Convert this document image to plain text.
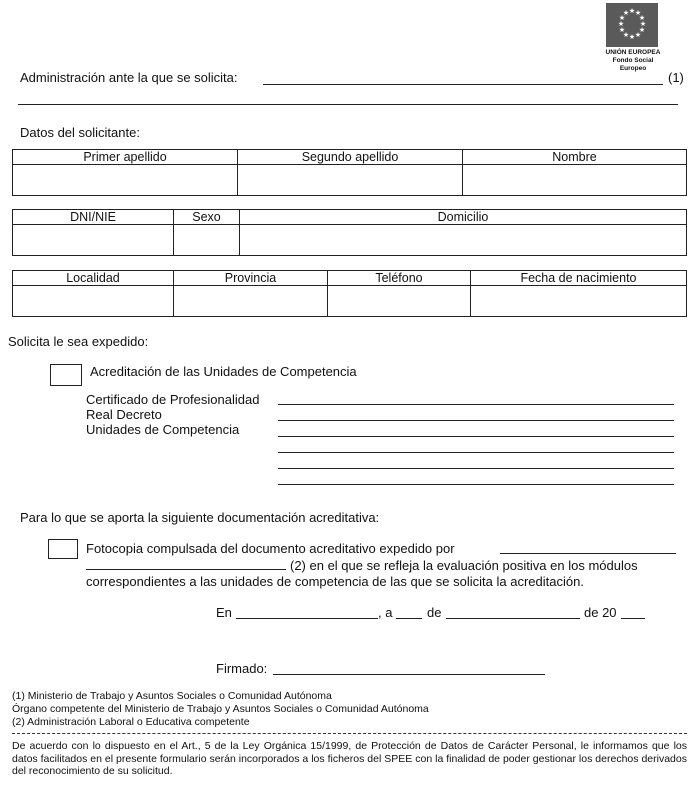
★ ★
★
★
★
★
★
★
★
★
★
★
UNIÓN EUROPEA
Fondo Social Europeo
Administración ante la que se solicita:	(1)
Datos del solicitante:
Primer apellido	Segundo apellido	Nombre

DNI/NIE	Sexo	Domicilio

Localidad	Provincia	Teléfono	Fecha de nacimiento

Solicita le sea expedido:
Acreditación de las Unidades de Competencia
Certificado de Profesionalidad
Real Decreto
Unidades de Competencia
Para lo que se aporta la siguiente documentación acreditativa:
Fotocopia compulsada del documento acreditativo expedido por
(2) en el que se refleja la evaluación positiva en los módulos
correspondientes a las unidades de competencia de las que se solicita la acreditación.
En	, a	de	de 20
Firmado:
(1) Ministerio de Trabajo y Asuntos Sociales o Comunidad Autónoma
Órgano competente del Ministerio de Trabajo y Asuntos Sociales o Comunidad Autónoma
(2) Administración Laboral o Educativa competente
De acuerdo con lo dispuesto en el Art., 5 de la Ley Orgánica 15/1999, de Protección de Datos de Carácter Personal, le informamos que los datos facilitados en el presente formulario serán incorporados a los ficheros del SPEE con la finalidad de poder gestionar los derechos derivados del reconocimiento de su solicitud.
